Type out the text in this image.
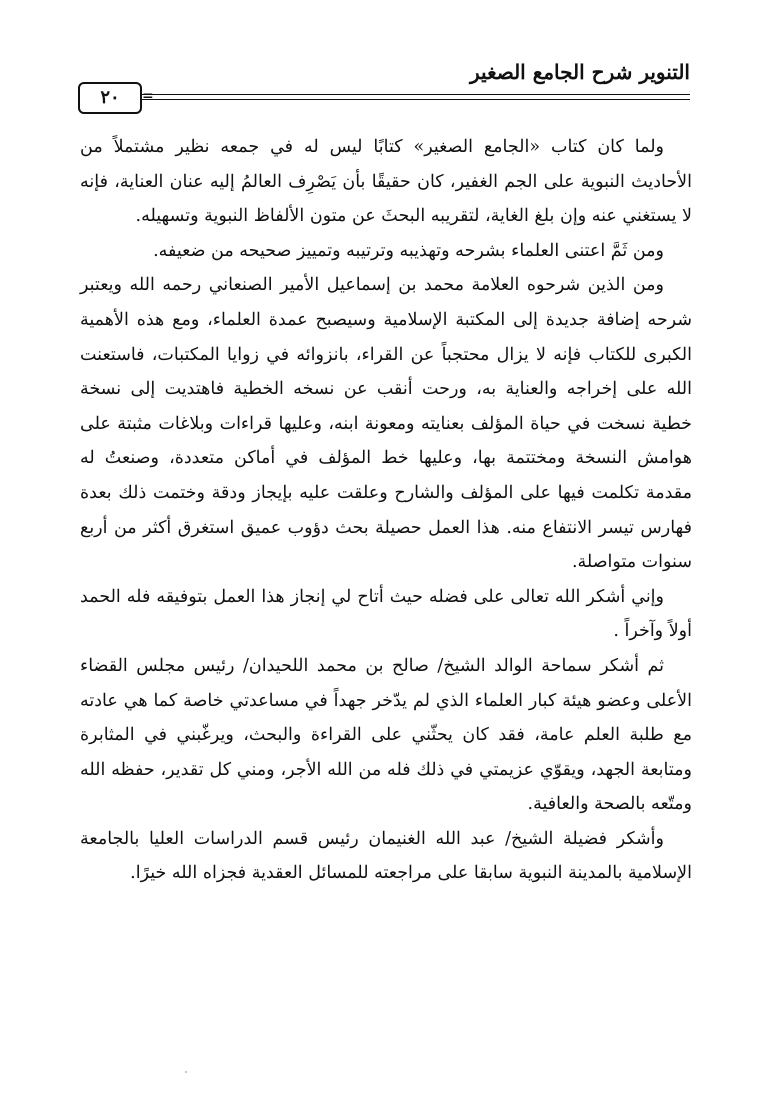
التنوير شرح الجامع الصغير
٢٠	=

ولما كان كتاب «الجامع الصغير» كتابًا ليس له في جمعه نظير مشتملاً من الأحاديث النبوية على الجم الغفير، كان حقيقًا بأن يَصْرِف العالمُ إليه عنان العناية، فإنه لا يستغني عنه وإن بلغ الغاية، لتقريبه البحثَ عن متون الألفاظ النبوية وتسهيله.

ومن ثَمَّ اعتنى العلماء بشرحه وتهذيبه وترتيبه وتمييز صحيحه من ضعيفه.

ومن الذين شرحوه العلامة محمد بن إسماعيل الأمير الصنعاني رحمه الله ويعتبر شرحه إضافة جديدة إلى المكتبة الإسلامية وسيصبح عمدة العلماء، ومع هذه الأهمية الكبرى للكتاب فإنه لا يزال محتجباً عن القراء، بانزوائه في زوايا المكتبات، فاستعنت الله على إخراجه والعناية به، ورحت أنقب عن نسخه الخطية فاهتديت إلى نسخة خطية نسخت في حياة المؤلف بعنايته ومعونة ابنه، وعليها قراءات وبلاغات مثبتة على هوامش النسخة ومختتمة بها، وعليها خط المؤلف في أماكن متعددة، وصنعتُ له مقدمة تكلمت فيها على المؤلف والشارح وعلقت عليه بإيجاز ودقة وختمت ذلك بعدة فهارس تيسر الانتفاع منه. هذا العمل حصيلة بحث دؤوب عميق استغرق أكثر من أربع سنوات متواصلة.

وإني أشكر الله تعالى على فضله حيث أتاح لي إنجاز هذا العمل بتوفيقه فله الحمد أولاً وآخراً .

ثم أشكر سماحة الوالد الشيخ/ صالح بن محمد اللحيدان/ رئيس مجلس القضاء الأعلى وعضو هيئة كبار العلماء الذي لم يدّخر جهداً في مساعدتي خاصة كما هي عادته مع طلبة العلم عامة، فقد كان يحثّني على القراءة والبحث، ويرغّبني في المثابرة ومتابعة الجهد، ويقوّي عزيمتي في ذلك فله من الله الأجر، ومني كل تقدير، حفظه الله ومتّعه بالصحة والعافية.

وأشكر فضيلة الشيخ/ عبد الله الغنيمان رئيس قسم الدراسات العليا بالجامعة الإسلامية بالمدينة النبوية سابقا على مراجعته للمسائل العقدية فجزاه الله خيرًا.
